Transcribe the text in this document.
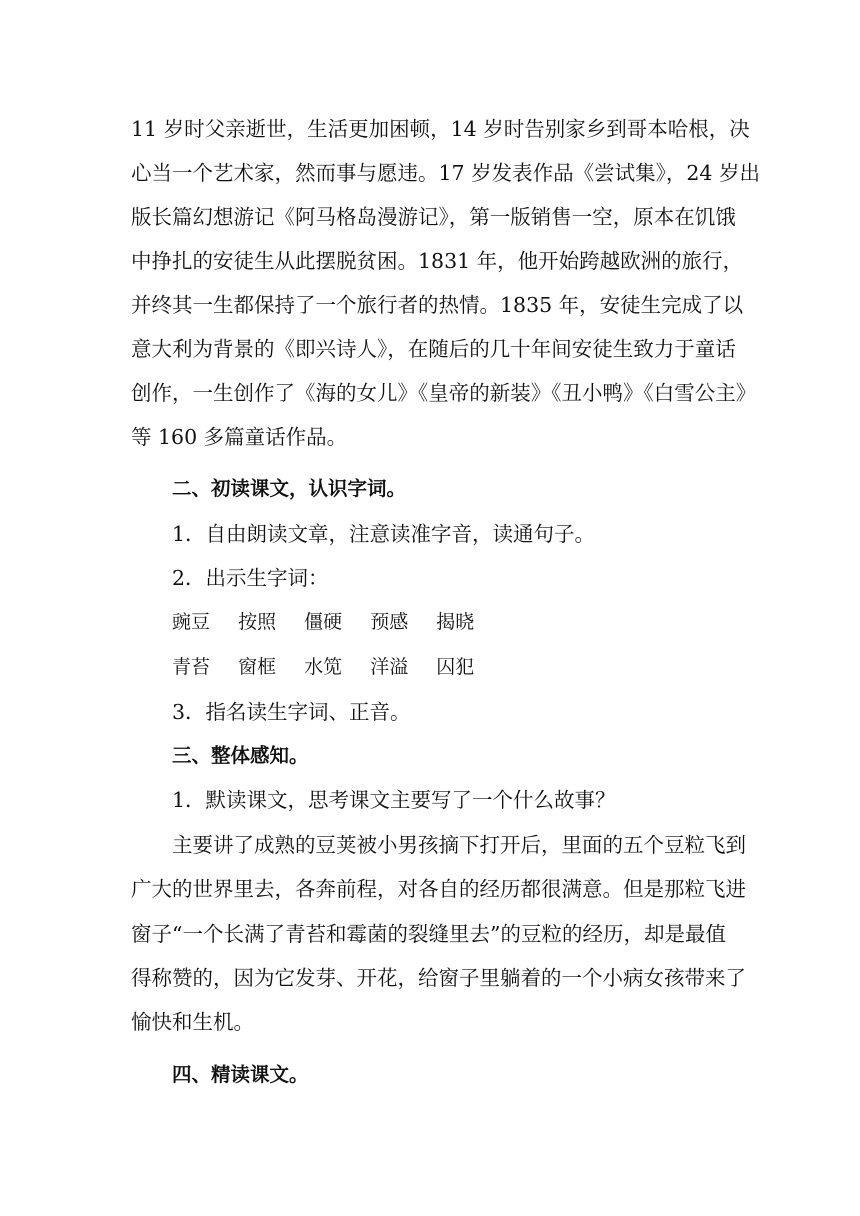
11 岁时父亲逝世，生活更加困顿，14 岁时告别家乡到哥本哈根，决
心当一个艺术家，然而事与愿违。17 岁发表作品《尝试集》，24 岁出
版长篇幻想游记《阿马格岛漫游记》，第一版销售一空，原本在饥饿
中挣扎的安徒生从此摆脱贫困。1831 年，他开始跨越欧洲的旅行，
并终其一生都保持了一个旅行者的热情。1835 年，安徒生完成了以
意大利为背景的《即兴诗人》，在随后的几十年间安徒生致力于童话
创作，一生创作了《海的女儿》《皇帝的新装》《丑小鸭》《白雪公主》
等 160 多篇童话作品。
二、初读课文，认识字词。
1．自由朗读文章，注意读准字音，读通句子。
2．出示生字词：
豌豆 按照 僵硬 预感 揭晓
青苔 窗框 水笕 洋溢 囚犯
3．指名读生字词、正音。
三、整体感知。
1．默读课文，思考课文主要写了一个什么故事？
主要讲了成熟的豆荚被小男孩摘下打开后，里面的五个豆粒飞到
广大的世界里去，各奔前程，对各自的经历都很满意。但是那粒飞进
窗子“一个长满了青苔和霉菌的裂缝里去”的豆粒的经历，却是最值
得称赞的，因为它发芽、开花，给窗子里躺着的一个小病女孩带来了
愉快和生机。
四、精读课文。
